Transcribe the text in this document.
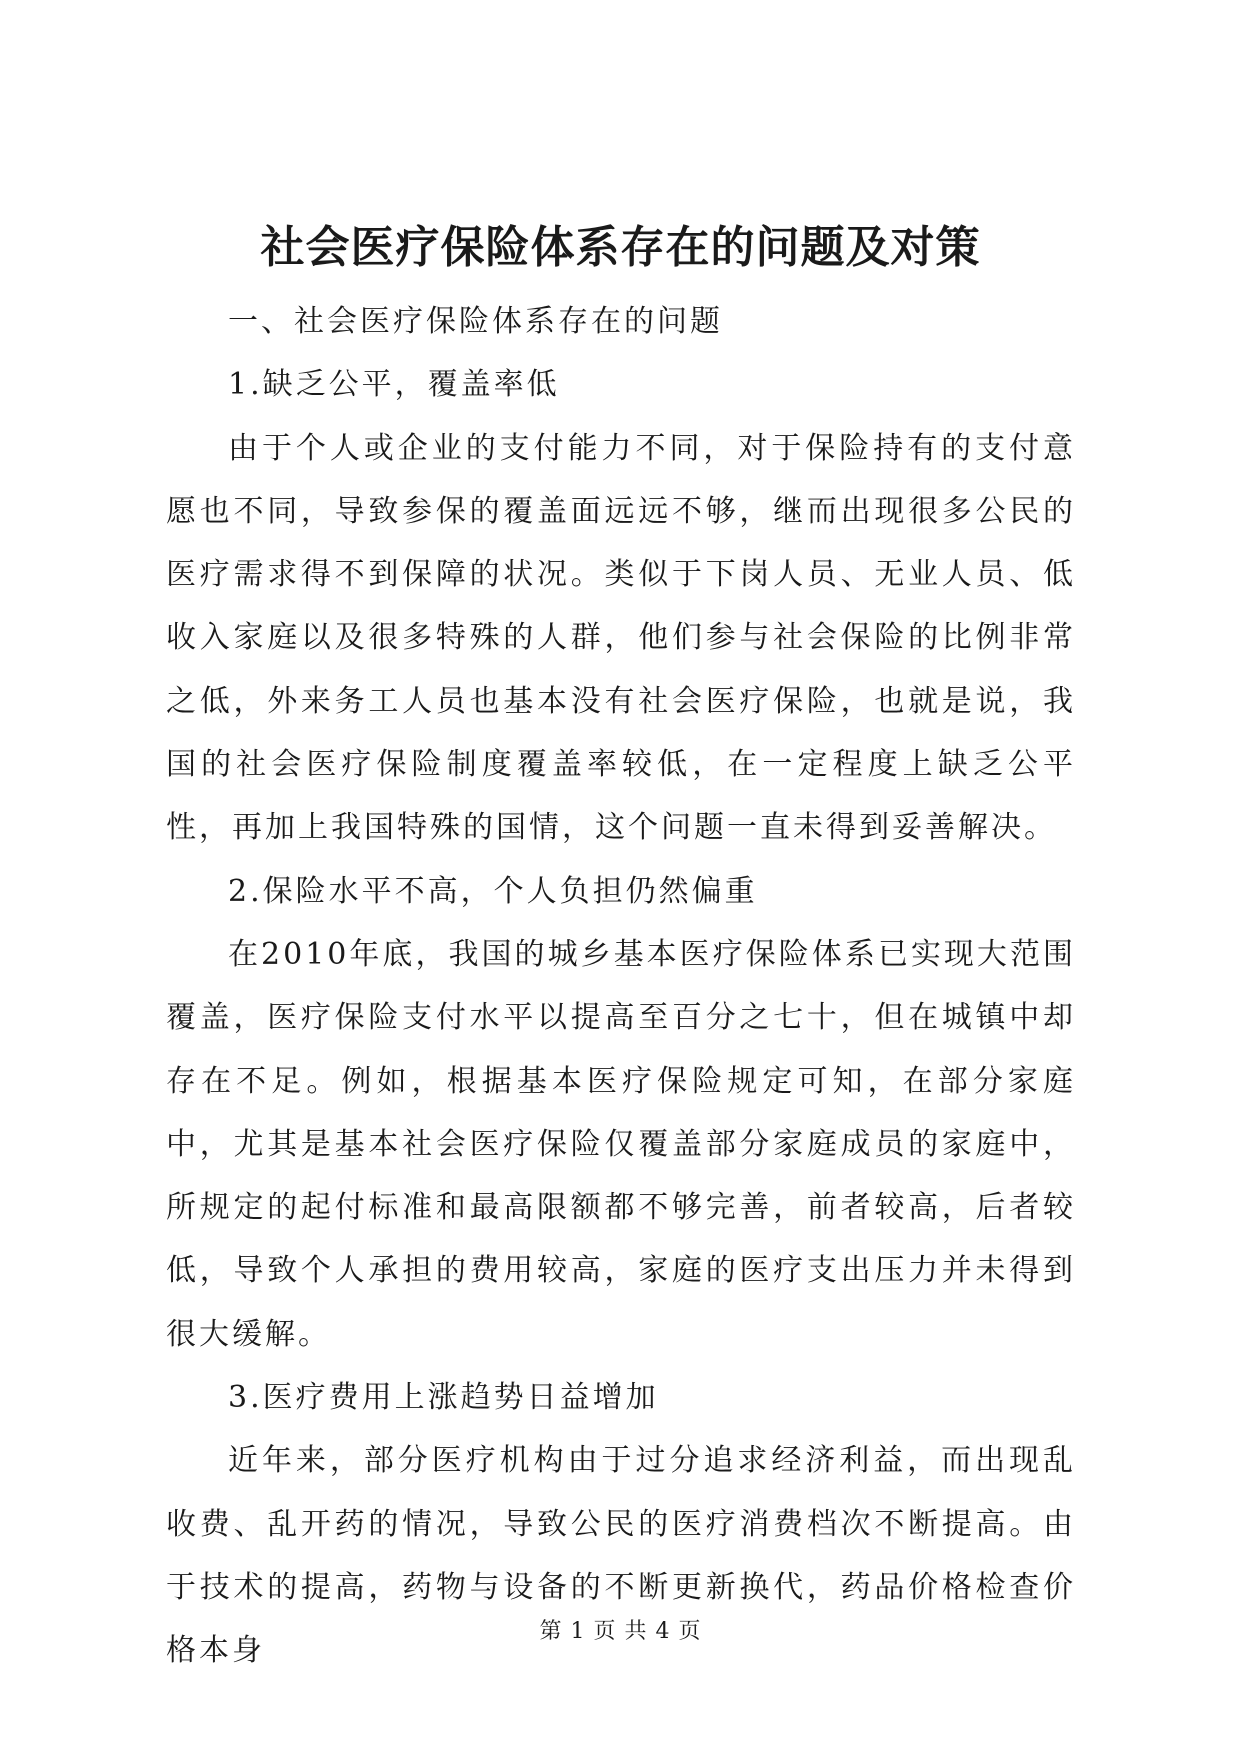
社会医疗保险体系存在的问题及对策

一、社会医疗保险体系存在的问题

1.缺乏公平，覆盖率低

由于个人或企业的支付能力不同，对于保险持有的支付意愿也不同，导致参保的覆盖面远远不够，继而出现很多公民的医疗需求得不到保障的状况。类似于下岗人员、无业人员、低收入家庭以及很多特殊的人群，他们参与社会保险的比例非常之低，外来务工人员也基本没有社会医疗保险，也就是说，我国的社会医疗保险制度覆盖率较低，在一定程度上缺乏公平性，再加上我国特殊的国情，这个问题一直未得到妥善解决。

2.保险水平不高，个人负担仍然偏重

在2010年底，我国的城乡基本医疗保险体系已实现大范围覆盖，医疗保险支付水平以提高至百分之七十，但在城镇中却存在不足。例如，根据基本医疗保险规定可知，在部分家庭中，尤其是基本社会医疗保险仅覆盖部分家庭成员的家庭中，所规定的起付标准和最高限额都不够完善，前者较高，后者较低，导致个人承担的费用较高，家庭的医疗支出压力并未得到很大缓解。

3.医疗费用上涨趋势日益增加

近年来，部分医疗机构由于过分追求经济利益，而出现乱收费、乱开药的情况，导致公民的医疗消费档次不断提高。由于技术的提高，药物与设备的不断更新换代，药品价格检查价格本身

第 1 页 共 4 页
